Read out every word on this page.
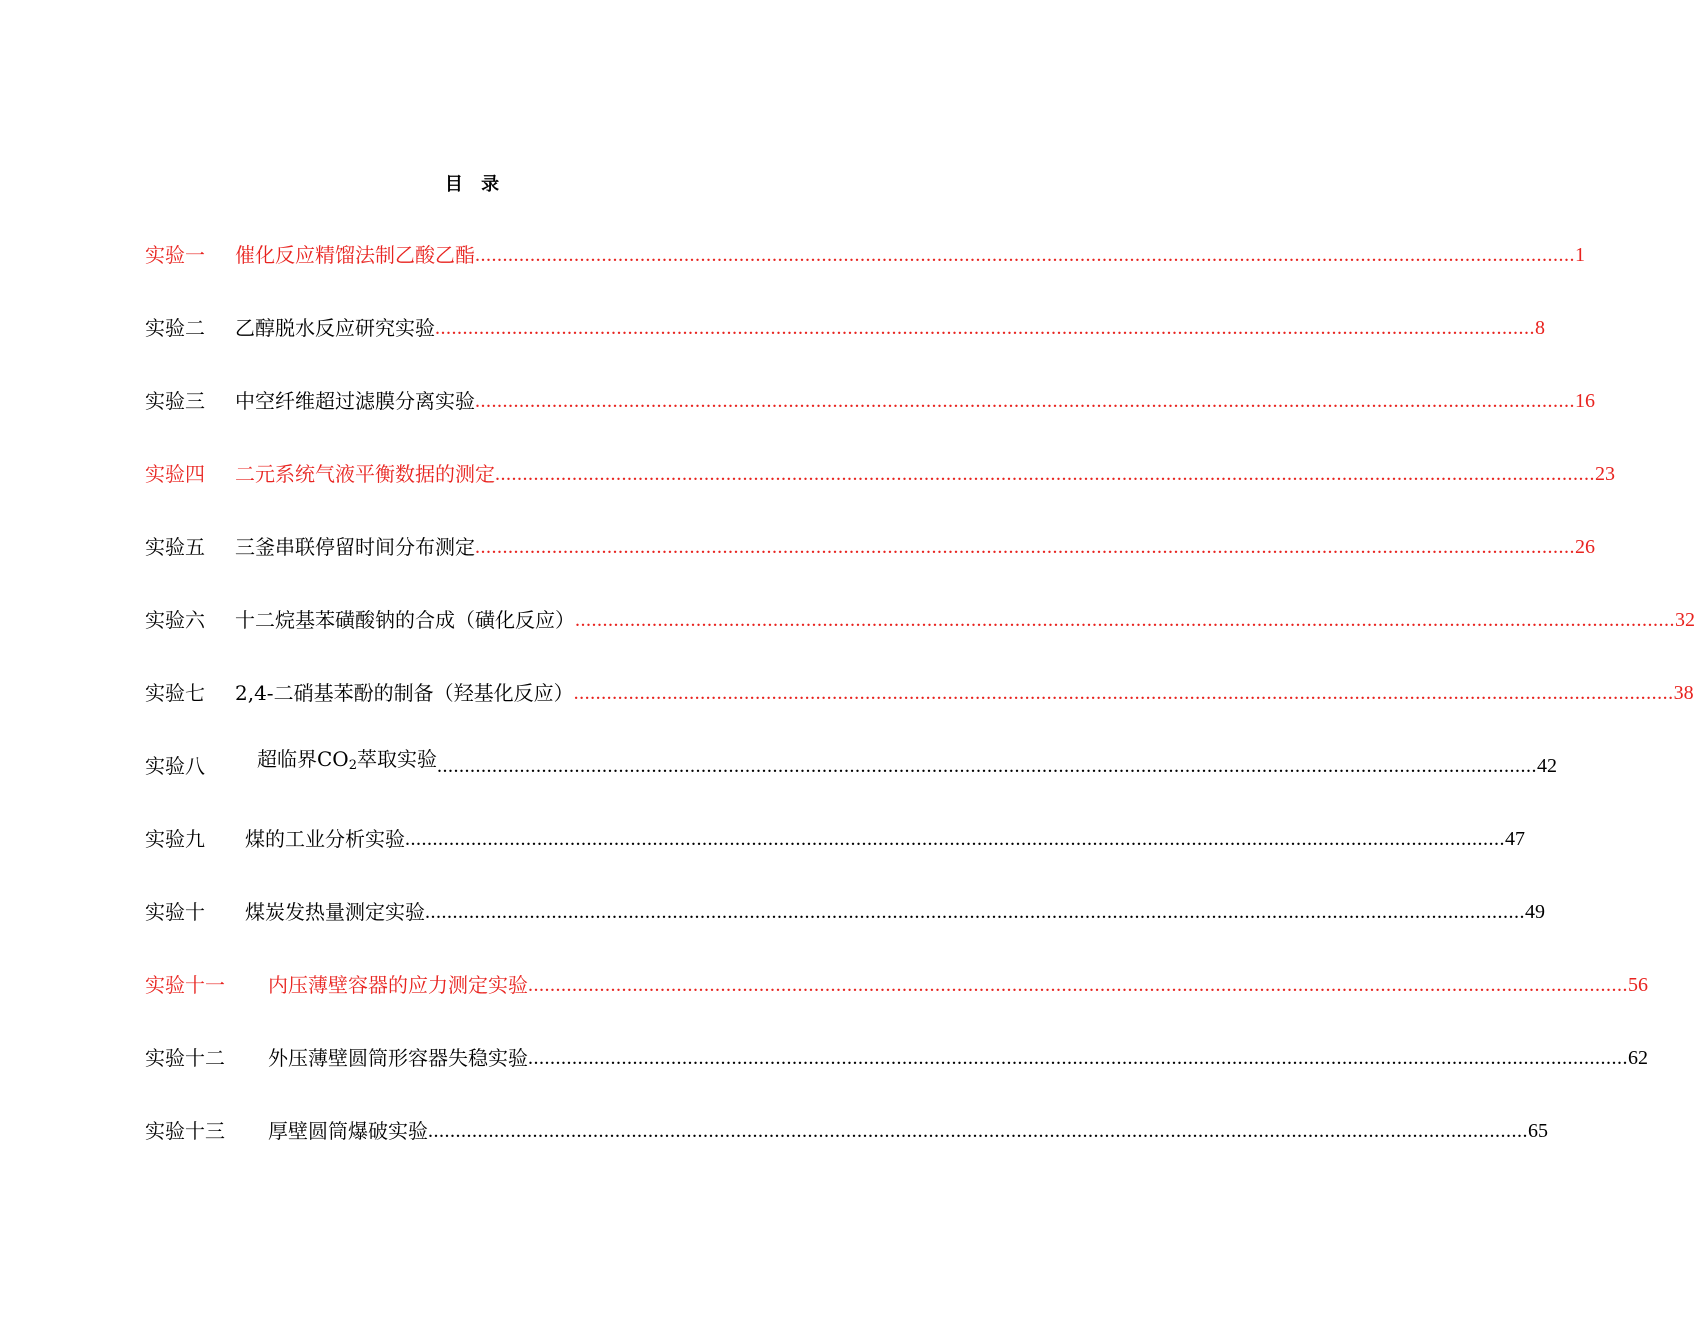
目 录
实验一	催化反应精馏法制乙酸乙酯 ........................................................................................................................................................................................................ 1
实验二	乙醇脱水反应研究实验 ........................................................................................................................................................................................................ 8
实验三	中空纤维超过滤膜分离实验 ........................................................................................................................................................................................................ 16
实验四	二元系统气液平衡数据的测定 ........................................................................................................................................................................................................ 23
实验五	三釜串联停留时间分布测定 ........................................................................................................................................................................................................ 26
实验六	十二烷基苯磺酸钠的合成（磺化反应） ........................................................................................................................................................................................................ 32
实验七	2,4-二硝基苯酚的制备（羟基化反应） ........................................................................................................................................................................................................ 38
实验八	超临界$CO_2$萃取实验 ........................................................................................................................................................................................................ 42
实验九	煤的工业分析实验 ........................................................................................................................................................................................................ 47
实验十	煤炭发热量测定实验 ........................................................................................................................................................................................................ 49
实验十一	内压薄壁容器的应力测定实验 ........................................................................................................................................................................................................ 56
实验十二	外压薄壁圆筒形容器失稳实验 ........................................................................................................................................................................................................ 62
实验十三	厚壁圆筒爆破实验 ........................................................................................................................................................................................................ 65
